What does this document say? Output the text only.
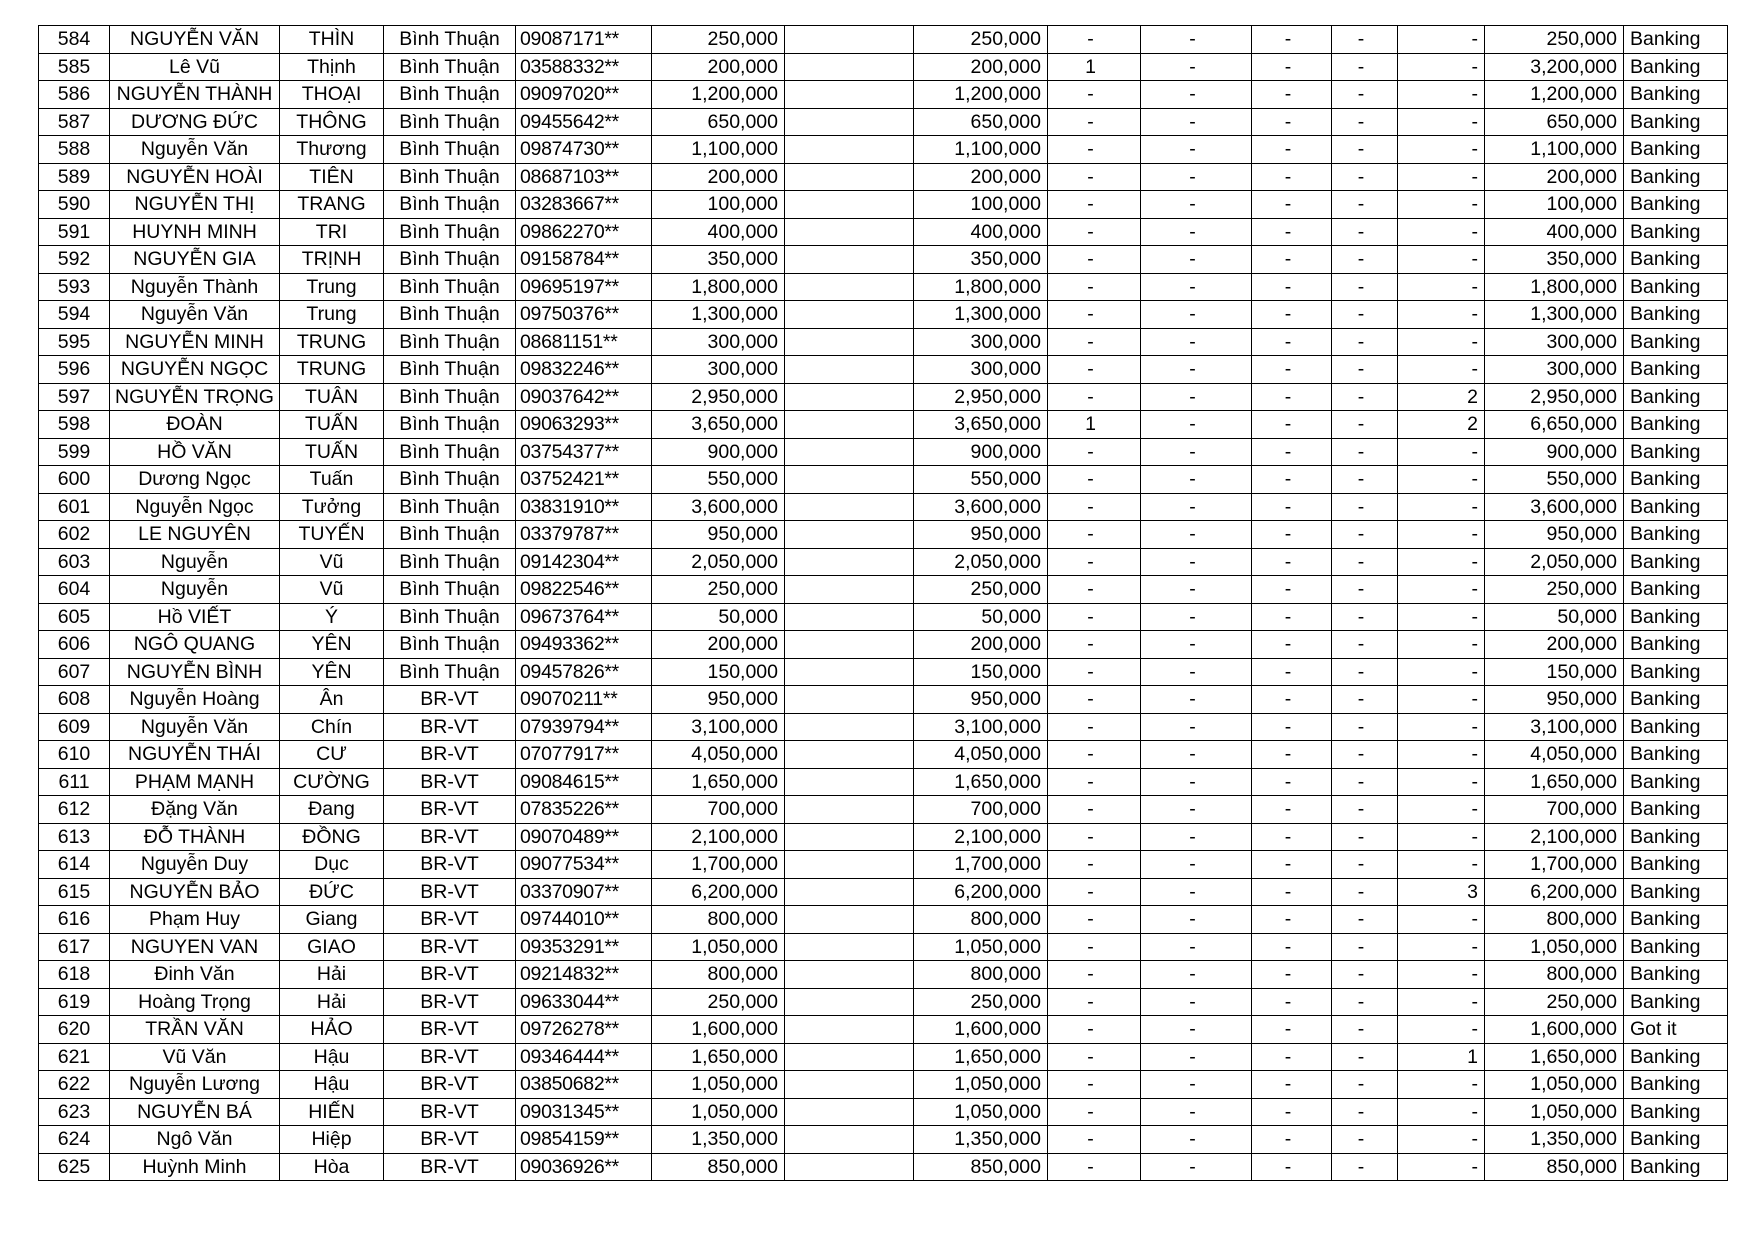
584	NGUYỄN VĂN	THÌN	Bình Thuận	09087171**	250,000		250,000	-	-	-	-	-	250,000	Banking
585	Lê Vũ	Thịnh	Bình Thuận	03588332**	200,000		200,000	1	-	-	-	-	3,200,000	Banking
586	NGUYỄN THÀNH	THOẠI	Bình Thuận	09097020**	1,200,000		1,200,000	-	-	-	-	-	1,200,000	Banking
587	DƯƠNG ĐỨC	THÔNG	Bình Thuận	09455642**	650,000		650,000	-	-	-	-	-	650,000	Banking
588	Nguyễn Văn	Thương	Bình Thuận	09874730**	1,100,000		1,100,000	-	-	-	-	-	1,100,000	Banking
589	NGUYỄN HOÀI	TIÊN	Bình Thuận	08687103**	200,000		200,000	-	-	-	-	-	200,000	Banking
590	NGUYỄN THỊ	TRANG	Bình Thuận	03283667**	100,000		100,000	-	-	-	-	-	100,000	Banking
591	HUYNH MINH	TRI	Bình Thuận	09862270**	400,000		400,000	-	-	-	-	-	400,000	Banking
592	NGUYỄN GIA	TRỊNH	Bình Thuận	09158784**	350,000		350,000	-	-	-	-	-	350,000	Banking
593	Nguyễn Thành	Trung	Bình Thuận	09695197**	1,800,000		1,800,000	-	-	-	-	-	1,800,000	Banking
594	Nguyễn Văn	Trung	Bình Thuận	09750376**	1,300,000		1,300,000	-	-	-	-	-	1,300,000	Banking
595	NGUYỄN MINH	TRUNG	Bình Thuận	08681151**	300,000		300,000	-	-	-	-	-	300,000	Banking
596	NGUYỄN NGỌC	TRUNG	Bình Thuận	09832246**	300,000		300,000	-	-	-	-	-	300,000	Banking
597	NGUYỄN TRỌNG	TUÂN	Bình Thuận	09037642**	2,950,000		2,950,000	-	-	-	-	2	2,950,000	Banking
598	ĐOÀN	TUẤN	Bình Thuận	09063293**	3,650,000		3,650,000	1	-	-	-	2	6,650,000	Banking
599	HỒ VĂN	TUẤN	Bình Thuận	03754377**	900,000		900,000	-	-	-	-	-	900,000	Banking
600	Dương Ngọc	Tuấn	Bình Thuận	03752421**	550,000		550,000	-	-	-	-	-	550,000	Banking
601	Nguyễn Ngọc	Tưởng	Bình Thuận	03831910**	3,600,000		3,600,000	-	-	-	-	-	3,600,000	Banking
602	LE NGUYÊN	TUYẾN	Bình Thuận	03379787**	950,000		950,000	-	-	-	-	-	950,000	Banking
603	Nguyễn	Vũ	Bình Thuận	09142304**	2,050,000		2,050,000	-	-	-	-	-	2,050,000	Banking
604	Nguyễn	Vũ	Bình Thuận	09822546**	250,000		250,000	-	-	-	-	-	250,000	Banking
605	Hồ VIẾT	Ý	Bình Thuận	09673764**	50,000		50,000	-	-	-	-	-	50,000	Banking
606	NGÔ QUANG	YÊN	Bình Thuận	09493362**	200,000		200,000	-	-	-	-	-	200,000	Banking
607	NGUYỄN BÌNH	YÊN	Bình Thuận	09457826**	150,000		150,000	-	-	-	-	-	150,000	Banking
608	Nguyễn Hoàng	Ân	BR-VT	09070211**	950,000		950,000	-	-	-	-	-	950,000	Banking
609	Nguyễn Văn	Chín	BR-VT	07939794**	3,100,000		3,100,000	-	-	-	-	-	3,100,000	Banking
610	NGUYỄN THÁI	CƯ	BR-VT	07077917**	4,050,000		4,050,000	-	-	-	-	-	4,050,000	Banking
611	PHẠM MẠNH	CƯỜNG	BR-VT	09084615**	1,650,000		1,650,000	-	-	-	-	-	1,650,000	Banking
612	Đặng Văn	Đang	BR-VT	07835226**	700,000		700,000	-	-	-	-	-	700,000	Banking
613	ĐỖ THÀNH	ĐỒNG	BR-VT	09070489**	2,100,000		2,100,000	-	-	-	-	-	2,100,000	Banking
614	Nguyễn Duy	Dục	BR-VT	09077534**	1,700,000		1,700,000	-	-	-	-	-	1,700,000	Banking
615	NGUYỄN BẢO	ĐỨC	BR-VT	03370907**	6,200,000		6,200,000	-	-	-	-	3	6,200,000	Banking
616	Phạm Huy	Giang	BR-VT	09744010**	800,000		800,000	-	-	-	-	-	800,000	Banking
617	NGUYEN VAN	GIAO	BR-VT	09353291**	1,050,000		1,050,000	-	-	-	-	-	1,050,000	Banking
618	Đinh Văn	Hải	BR-VT	09214832**	800,000		800,000	-	-	-	-	-	800,000	Banking
619	Hoàng Trọng	Hải	BR-VT	09633044**	250,000		250,000	-	-	-	-	-	250,000	Banking
620	TRẦN VĂN	HẢO	BR-VT	09726278**	1,600,000		1,600,000	-	-	-	-	-	1,600,000	Got it
621	Vũ Văn	Hậu	BR-VT	09346444**	1,650,000		1,650,000	-	-	-	-	1	1,650,000	Banking
622	Nguyễn Lương	Hậu	BR-VT	03850682**	1,050,000		1,050,000	-	-	-	-	-	1,050,000	Banking
623	NGUYỄN BÁ	HIẾN	BR-VT	09031345**	1,050,000		1,050,000	-	-	-	-	-	1,050,000	Banking
624	Ngô Văn	Hiệp	BR-VT	09854159**	1,350,000		1,350,000	-	-	-	-	-	1,350,000	Banking
625	Huỳnh Minh	Hòa	BR-VT	09036926**	850,000		850,000	-	-	-	-	-	850,000	Banking
